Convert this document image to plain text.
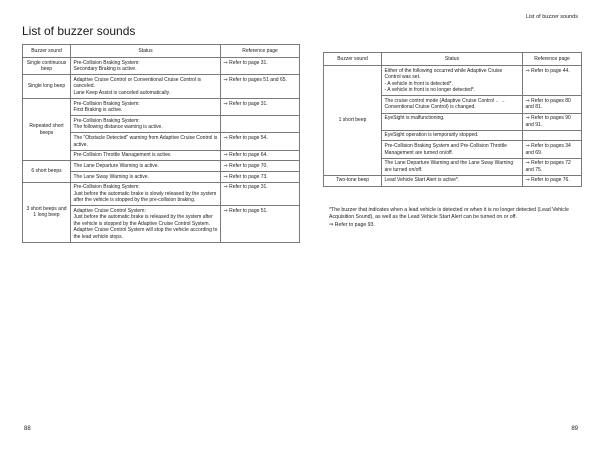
List of buzzer sounds
List of buzzer sounds
Buzzer sound	Status	Reference page
Single continuous beep	Pre-Collision Braking System:
Secondary Braking is active.	⇒ Refer to page 31.
Single long beep	Adaptive Cruise Control or Conventional Cruise Control is canceled.
Lane Keep Assist is canceled automatically.	⇒ Refer to pages 51 and 65.
Repeated short beeps	Pre-Collision Braking System:
First Braking is active.	⇒ Refer to page 31.

	Pre-Collision Braking System:
The following distance warning is active.	

	The "Obstacle Detected" warning from Adaptive Cruise Control is active.	⇒ Refer to page 54.

	Pre-Collision Throttle Management is active.	⇒ Refer to page 64.
6 short beeps	The Lane Departure Warning is active.	⇒ Refer to page 70.

	The Lane Sway Warning is active.	⇒ Refer to page 73.
3 short beeps and 1 long beep	Pre-Collision Braking System:
Just before the automatic brake is slowly released by the system after the vehicle is stopped by the pre-collision braking.	⇒ Refer to page 31.

	Adaptive Cruise Control System:
Just before the automatic brake is released by the system after the vehicle is stopped by the Adaptive Cruise Control System. Adaptive Cruise Control System will stop the vehicle according to the lead vehicle stops.	⇒ Refer to page 51.
Buzzer sound	Status	Reference page
1 short beep	Either of the following occurred while Adaptive Cruise Control was set.
- A vehicle in front is detected*.
- A vehicle in front is no longer detected*.	⇒ Refer to page 44.

	The cruise control mode (Adaptive Cruise Control ←→ Conventional Cruise Control) is changed.	⇒ Refer to pages 80 and 81.

	EyeSight is malfunctioning.	⇒ Refer to pages 90 and 91.

	EyeSight operation is temporarily stopped.	

	Pre-Collision Braking System and Pre-Collision Throttle Management are turned on/off.	⇒ Refer to pages 34 and 69.

	The Lane Departure Warning and the Lane Sway Warning are turned on/off.	⇒ Refer to pages 72 and 75.
Two-tone beep	Lead Vehicle Start Alert is active*.	⇒ Refer to page 76.
*The buzzer that indicates when a lead vehicle is detected or when it is no longer detected (Lead Vehicle Acquisition Sound), as well as the Lead Vehicle Start Alert can be turned on or off.
⇒ Refer to page 93.
88	89
